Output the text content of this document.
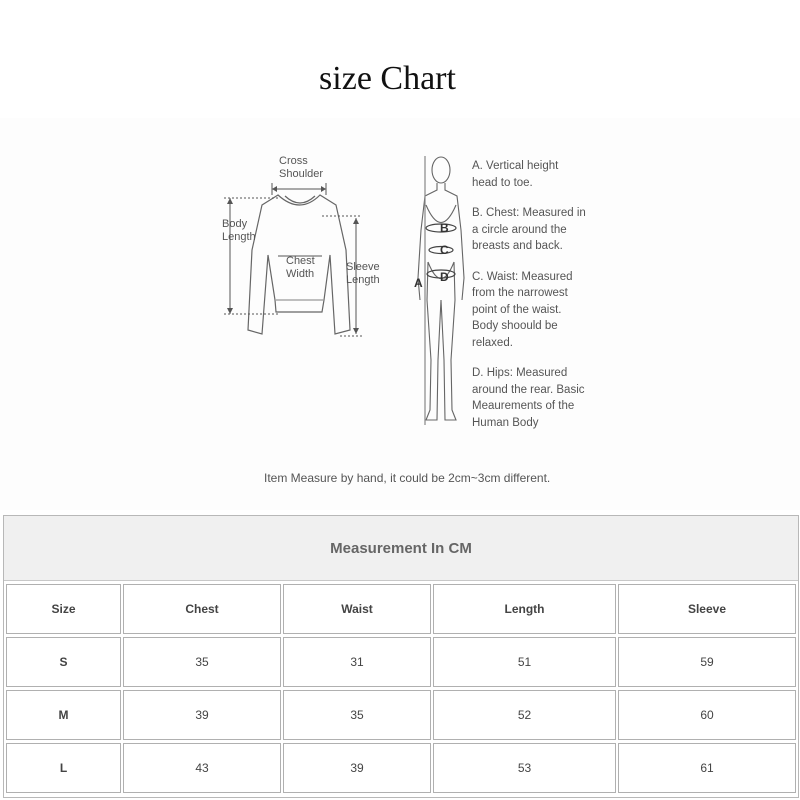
size Chart
Cross
Shoulder
Body
Length
Chest
Width
Sleeve
Length	A
B
C
D
A. Vertical height head to toe.
B. Chest: Measured in a circle around the breasts and back.
C. Waist: Measured from the narrowest point of the waist. Body shoould be relaxed.
D. Hips: Measured around the rear. Basic Meaurements of the Human Body
Item Measure by hand, it could be 2cm~3cm different.
Measurement In CM
Size	Chest	Waist	Length	Sleeve
S	35	31	51	59
M	39	35	52	60
L	43	39	53	61
